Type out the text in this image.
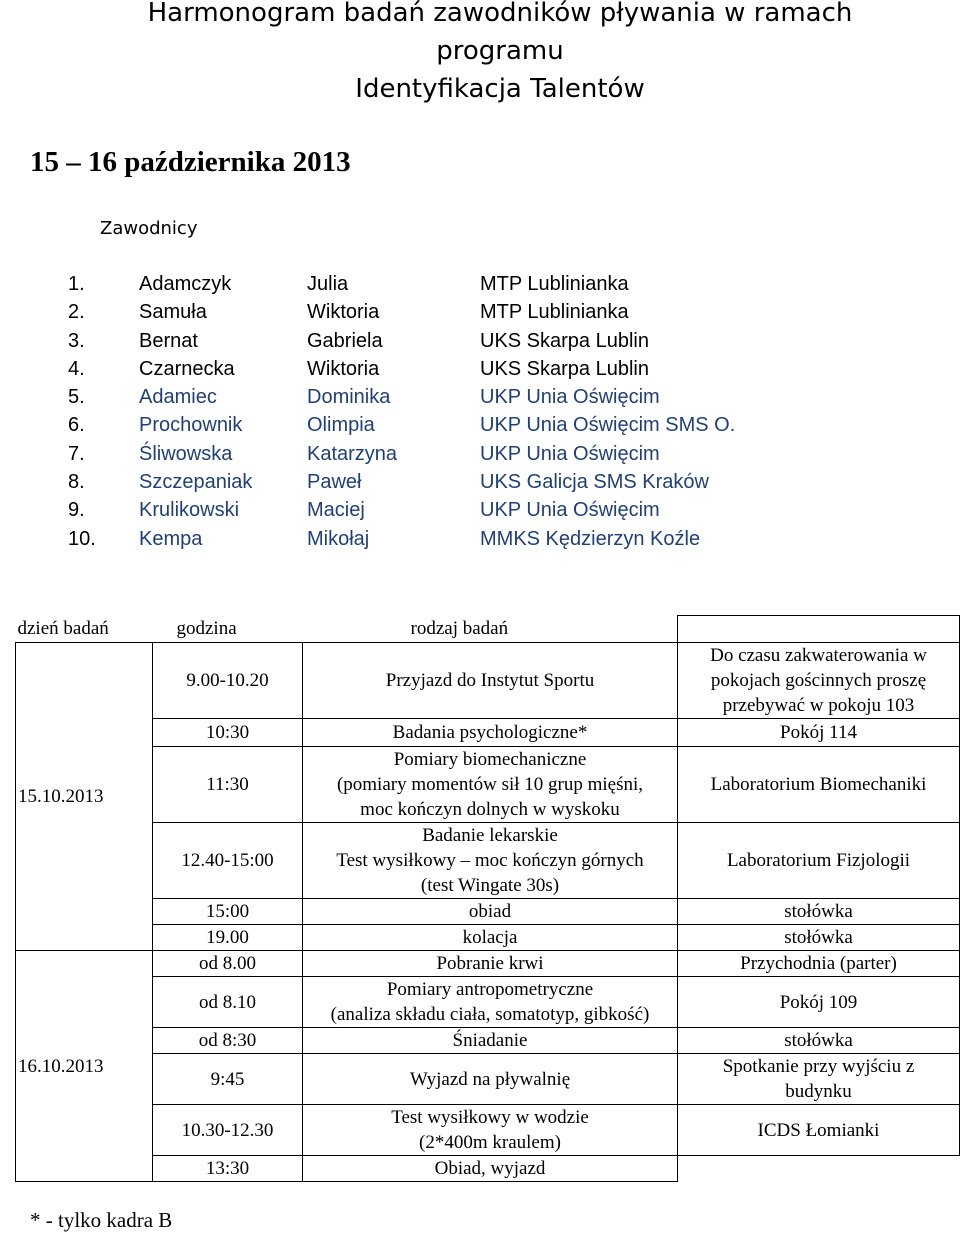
Harmonogram badań zawodników pływania w ramach
programu
Identyfikacja Talentów
15 – 16 października 2013
Zawodnicy
1.	Adamczyk	Julia	MTP Lublinianka
2.	Samuła	Wiktoria	MTP Lublinianka
3.	Bernat	Gabriela	UKS Skarpa Lublin
4.	Czarnecka	Wiktoria	UKS Skarpa Lublin
5.	Adamiec	Dominika	UKP Unia Oświęcim
6.	Prochownik	Olimpia	UKP Unia Oświęcim SMS O.
7.	Śliwowska	Katarzyna	UKP Unia Oświęcim
8.	Szczepaniak	Paweł	UKS Galicja SMS Kraków
9.	Krulikowski	Maciej	UKP Unia Oświęcim
10. Kempa	Mikołaj	MMKS Kędzierzyn Koźle
dzień badań	godzina	rodzaj badań	
15.10.2013	9.00-10.20	Przyjazd do Instytut Sportu	Do czasu zakwaterowania w
pokojach gościnnych proszę
przebywać w pokoju 103

	10:30	Badania psychologiczne*	Pokój 114

	11:30	Pomiary biomechaniczne
(pomiary momentów sił 10 grup mięśni,
moc kończyn dolnych w wyskoku	Laboratorium Biomechaniki

	12.40-15:00	Badanie lekarskie
Test wysiłkowy – moc kończyn górnych
(test Wingate 30s)	Laboratorium Fizjologii

	15:00	obiad	stołówka

	19.00	kolacja	stołówka

16.10.2013	od 8.00	Pobranie krwi	Przychodnia (parter)

	od 8.10	Pomiary antropometryczne
(analiza składu ciała, somatotyp, gibkość)	Pokój 109

	od 8:30	Śniadanie	stołówka

	9:45	Wyjazd na pływalnię	Spotkanie przy wyjściu z
budynku

	10.30-12.30	Test wysiłkowy w wodzie
(2*400m kraulem)	ICDS Łomianki

	13:30	Obiad, wyjazd	

* - tylko kadra B
